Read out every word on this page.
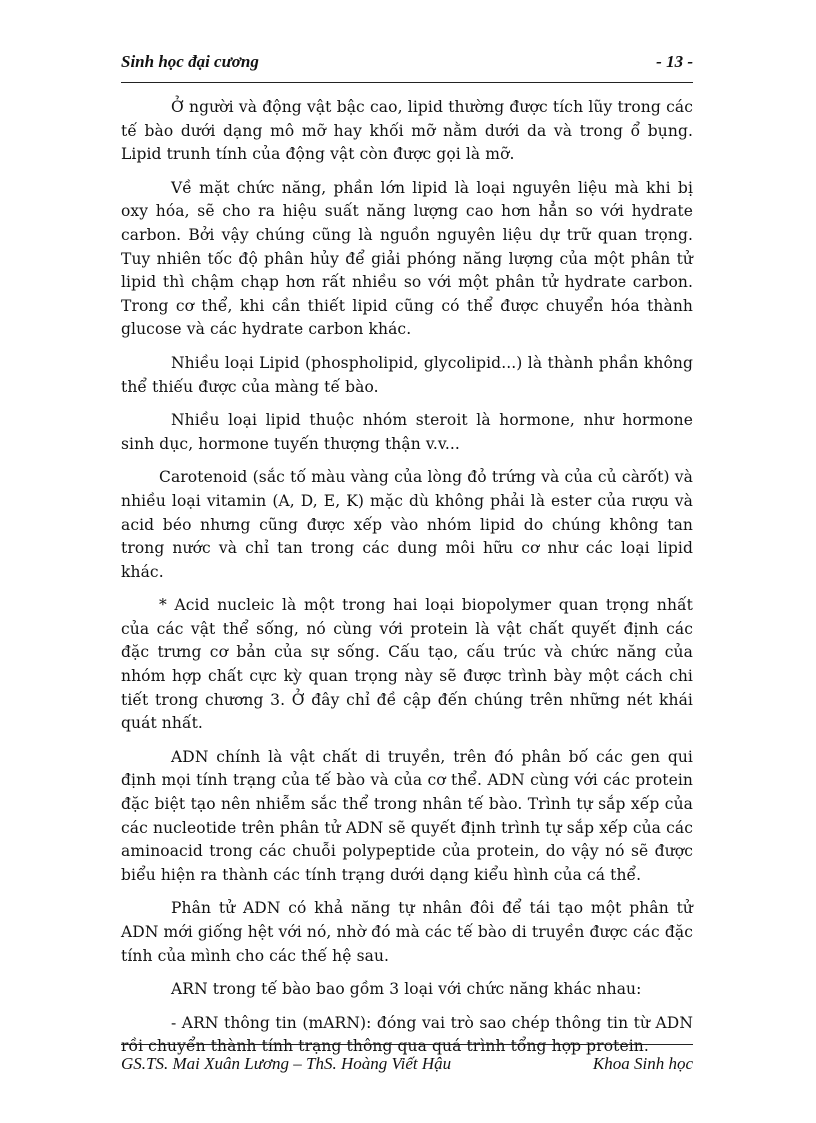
Sinh học đại cương	- 13 -

Ở người và động vật bậc cao, lipid thường được tích lũy trong các tế bào dưới dạng mô mỡ hay khối mỡ nằm dưới da và trong ổ bụng. Lipid trunh tính của động vật còn được gọi là mỡ.

Về mặt chức năng, phần lớn lipid là loại nguyên liệu mà khi bị oxy hóa, sẽ cho ra hiệu suất năng lượng cao hơn hẳn so với hydrate carbon. Bởi vậy chúng cũng là nguồn nguyên liệu dự trữ quan trọng. Tuy nhiên tốc độ phân hủy để giải phóng năng lượng của một phân tử lipid thì chậm chạp hơn rất nhiều so với một phân tử hydrate carbon. Trong cơ thể, khi cần thiết lipid cũng có thể được chuyển hóa thành glucose và các hydrate carbon khác.

Nhiều loại Lipid (phospholipid, glycolipid...) là thành phần không thể thiếu được của màng tế bào.

Nhiều loại lipid thuộc nhóm steroit là hormone, như hormone sinh dục, hormone tuyến thượng thận v.v...

Carotenoid (sắc tố màu vàng của lòng đỏ trứng và của củ càrốt) và nhiều loại vitamin (A, D, E, K) mặc dù không phải là ester của rượu và acid béo nhưng cũng được xếp vào nhóm lipid do chúng không tan trong nước và chỉ tan trong các dung môi hữu cơ như các loại lipid khác.

* Acid nucleic là một trong hai loại biopolymer quan trọng nhất của các vật thể sống, nó cùng với protein là vật chất quyết định các đặc trưng cơ bản của sự sống. Cấu tạo, cấu trúc và chức năng của nhóm hợp chất cực kỳ quan trọng này sẽ được trình bày một cách chi tiết trong chương 3. Ở đây chỉ đề cập đến chúng trên những nét khái quát nhất.

ADN chính là vật chất di truyền, trên đó phân bố các gen qui định mọi tính trạng của tế bào và của cơ thể. ADN cùng với các protein đặc biệt tạo nên nhiễm sắc thể trong nhân tế bào. Trình tự sắp xếp của các nucleotide trên phân tử ADN sẽ quyết định trình tự sắp xếp của các aminoacid trong các chuỗi polypeptide của protein, do vậy nó sẽ được biểu hiện ra thành các tính trạng dưới dạng kiểu hình của cá thể.

Phân tử ADN có khả năng tự nhân đôi để tái tạo một phân tử ADN mới giống hệt với nó, nhờ đó mà các tế bào di truyền được các đặc tính của mình cho các thế hệ sau.

ARN trong tế bào bao gồm 3 loại với chức năng khác nhau:

- ARN thông tin (mARN): đóng vai trò sao chép thông tin từ ADN rồi chuyển thành tính trạng thông qua quá trình tổng hợp protein.

GS.TS. Mai Xuân Lương – ThS. Hoàng Viết Hậu	Khoa Sinh học
